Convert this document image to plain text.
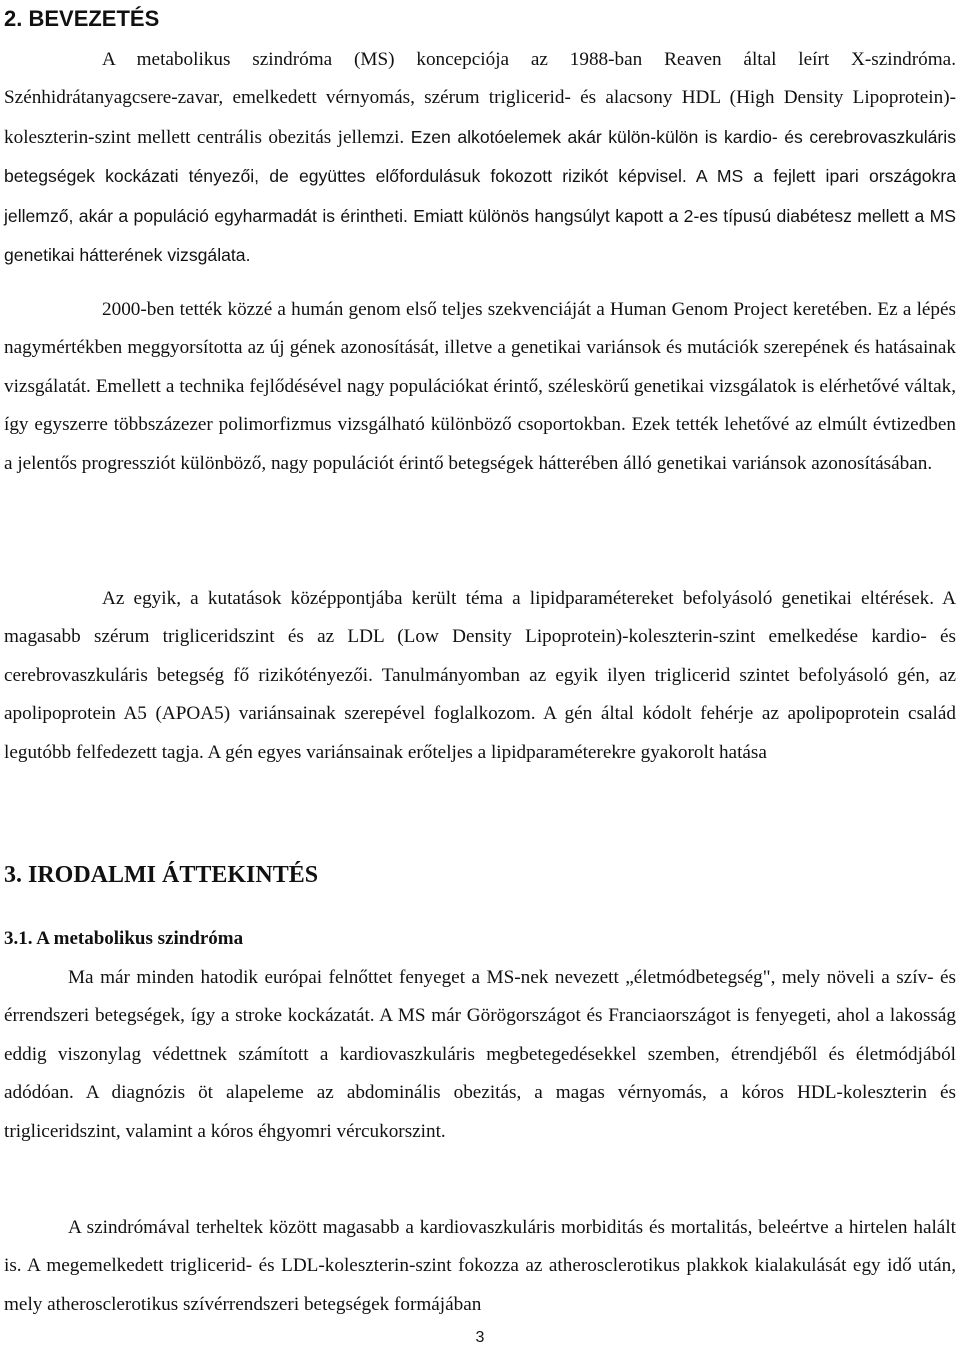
2. BEVEZETÉS

A metabolikus szindróma (MS) koncepciója az 1988-ban Reaven által leírt X-szindróma. Szénhidrátanyagcsere-zavar, emelkedett vérnyomás, szérum triglicerid- és alacsony HDL (High Density Lipoprotein)-koleszterin-szint mellett centrális obezitás jellemzi. Ezen alkotóelemek akár külön-külön is kardio- és cerebrovaszkuláris betegségek kockázati tényezői, de együttes előfordulásuk fokozott rizikót képvisel. A MS a fejlett ipari országokra jellemző, akár a populáció egyharmadát is érintheti. Emiatt különös hangsúlyt kapott a 2-es típusú diabétesz mellett a MS genetikai hátterének vizsgálata.

2000-ben tették közzé a humán genom első teljes szekvenciáját a Human Genom Project keretében. Ez a lépés nagymértékben meggyorsította az új gének azonosítását, illetve a genetikai variánsok és mutációk szerepének és hatásainak vizsgálatát. Emellett a technika fejlődésével nagy populációkat érintő, széleskörű genetikai vizsgálatok is elérhetővé váltak, így egyszerre többszázezer polimorfizmus vizsgálható különböző csoportokban. Ezek tették lehetővé az elmúlt évtizedben a jelentős progressziót különböző, nagy populációt érintő betegségek hátterében álló genetikai variánsok azonosításában.

Az egyik, a kutatások középpontjába került téma a lipidparamétereket befolyásoló genetikai eltérések. A magasabb szérum trigliceridszint és az LDL (Low Density Lipoprotein)-koleszterin-szint emelkedése kardio- és cerebrovaszkuláris betegség fő rizikótényezői. Tanulmányomban az egyik ilyen triglicerid szintet befolyásoló gén, az apolipoprotein A5 (APOA5) variánsainak szerepével foglalkozom. A gén által kódolt fehérje az apolipoprotein család legutóbb felfedezett tagja. A gén egyes variánsainak erőteljes a lipidparaméterekre gyakorolt hatása

3. IRODALMI ÁTTEKINTÉS
3.1. A metabolikus szindróma

Ma már minden hatodik európai felnőttet fenyeget a MS-nek nevezett „életmódbetegség", mely növeli a szív- és érrendszeri betegségek, így a stroke kockázatát. A MS már Görögországot és Franciaországot is fenyegeti, ahol a lakosság eddig viszonylag védettnek számított a kardiovaszkuláris megbetegedésekkel szemben, étrendjéből és életmódjából adódóan. A diagnózis öt alapeleme az abdominális obezitás, a magas vérnyomás, a kóros HDL-koleszterin és trigliceridszint, valamint a kóros éhgyomri vércukorszint.

A szindrómával terheltek között magasabb a kardiovaszkuláris morbiditás és mortalitás, beleértve a hirtelen halált is. A megemelkedett triglicerid- és LDL-koleszterin-szint fokozza az atherosclerotikus plakkok kialakulását egy idő után, mely atherosclerotikus szívérrendszeri betegségek formájában

3
